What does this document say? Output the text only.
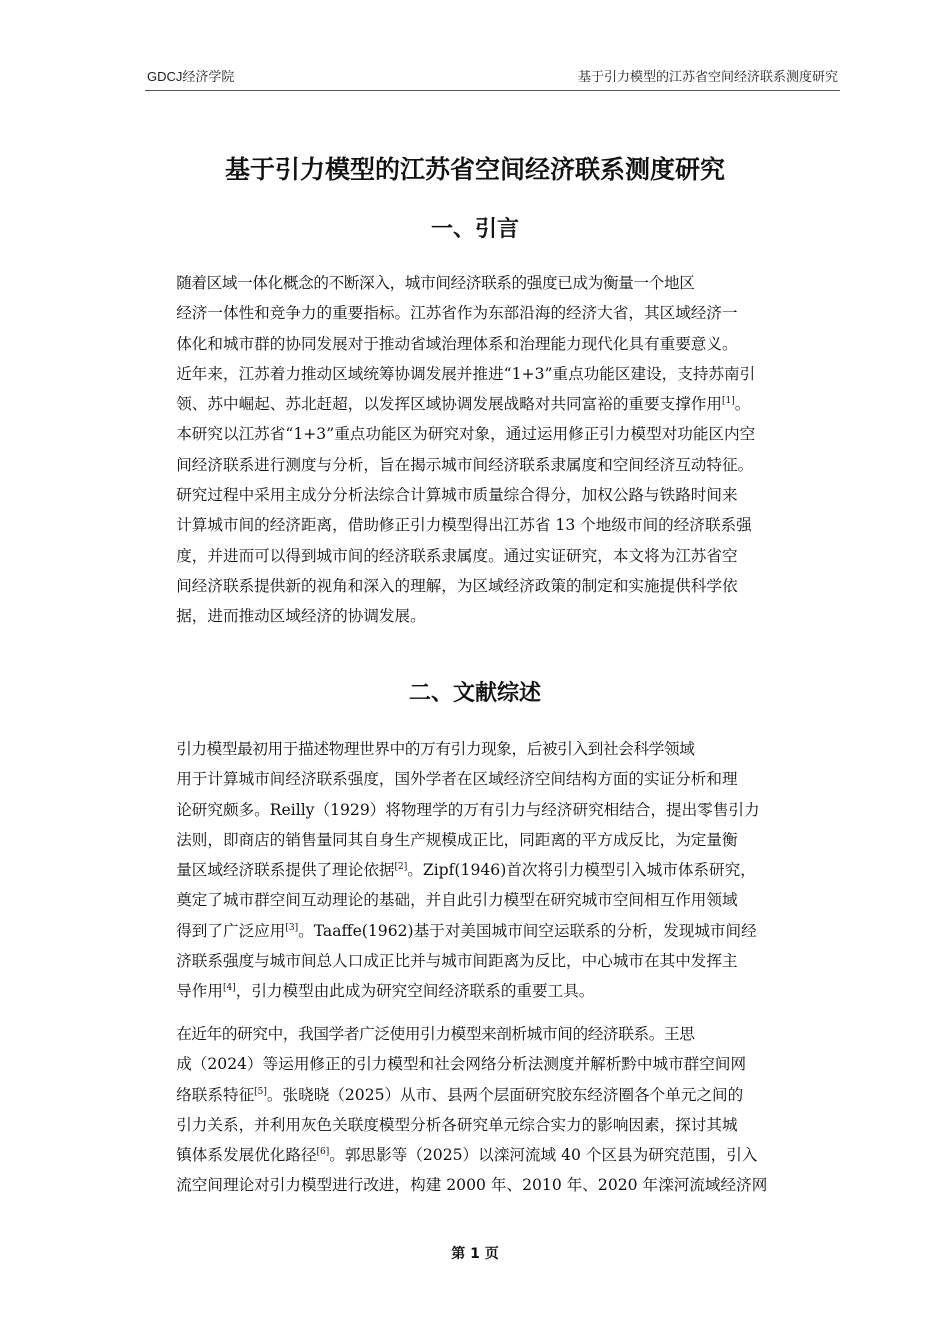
GDCJ经济学院	基于引力模型的江苏省空间经济联系测度研究
基于引力模型的江苏省空间经济联系测度研究
一、引言

随着区域一体化概念的不断深入，城市间经济联系的强度已成为衡量一个地区
经济一体性和竞争力的重要指标。江苏省作为东部沿海的经济大省，其区域经济一
体化和城市群的协同发展对于推动省域治理体系和治理能力现代化具有重要意义。
近年来，江苏着力推动区域统筹协调发展并推进“1+3”重点功能区建设，支持苏南引
领、苏中崛起、苏北赶超，以发挥区域协调发展战略对共同富裕的重要支撑作用[1]。
本研究以江苏省“1+3”重点功能区为研究对象，通过运用修正引力模型对功能区内空
间经济联系进行测度与分析，旨在揭示城市间经济联系隶属度和空间经济互动特征。
研究过程中采用主成分分析法综合计算城市质量综合得分，加权公路与铁路时间来
计算城市间的经济距离，借助修正引力模型得出江苏省 13 个地级市间的经济联系强
度，并进而可以得到城市间的经济联系隶属度。通过实证研究，本文将为江苏省空
间经济联系提供新的视角和深入的理解，为区域经济政策的制定和实施提供科学依
据，进而推动区域经济的协调发展。

二、文献综述

引力模型最初用于描述物理世界中的万有引力现象，后被引入到社会科学领域
用于计算城市间经济联系强度，国外学者在区域经济空间结构方面的实证分析和理
论研究颇多。Reilly（1929）将物理学的万有引力与经济研究相结合，提出零售引力
法则，即商店的销售量同其自身生产规模成正比，同距离的平方成反比，为定量衡
量区域经济联系提供了理论依据[2]。Zipf(1946)首次将引力模型引入城市体系研究，
奠定了城市群空间互动理论的基础，并自此引力模型在研究城市空间相互作用领域
得到了广泛应用[3]。Taaffe(1962)基于对美国城市间空运联系的分析，发现城市间经
济联系强度与城市间总人口成正比并与城市间距离为反比，中心城市在其中发挥主
导作用[4]，引力模型由此成为研究空间经济联系的重要工具。

在近年的研究中，我国学者广泛使用引力模型来剖析城市间的经济联系。王思
成（2024）等运用修正的引力模型和社会网络分析法测度并解析黔中城市群空间网
络联系特征[5]。张晓晓（2025）从市、县两个层面研究胶东经济圈各个单元之间的
引力关系，并利用灰色关联度模型分析各研究单元综合实力的影响因素，探讨其城
镇体系发展优化路径[6]。郭思影等（2025）以滦河流域 40 个区县为研究范围，引入
流空间理论对引力模型进行改进，构建 2000 年、2010 年、2020 年滦河流域经济网

第 1 页
